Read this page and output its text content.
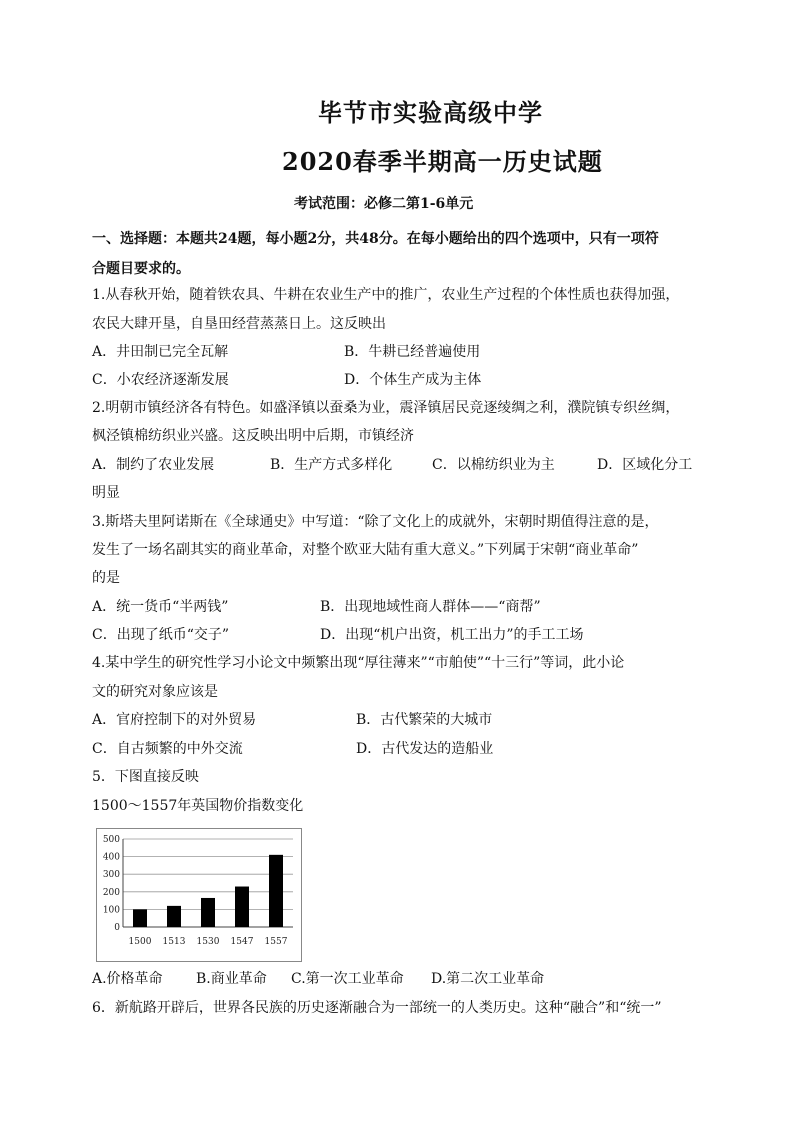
毕节市实验高级中学
2020春季半期高一历史试题
考试范围：必修二第1-6单元
一、选择题：本题共24题，每小题2分，共48分。在每小题给出的四个选项中，只有一项符
合题目要求的。
1.从春秋开始，随着铁农具、牛耕在农业生产中的推广，农业生产过程的个体性质也获得加强，
农民大肆开垦，自垦田经营蒸蒸日上。这反映出
A．井田制已完全瓦解	B．牛耕已经普遍使用
C．小农经济逐渐发展	D．个体生产成为主体
2.明朝市镇经济各有特色。如盛泽镇以蚕桑为业，震泽镇居民竞逐绫绸之利，濮院镇专织丝绸，
枫泾镇棉纺织业兴盛。这反映出明中后期，市镇经济
A．制约了农业发展	B．生产方式多样化	C．以棉纺织业为主	D．区域化分工
明显
3.斯塔夫里阿诺斯在《全球通史》中写道：“除了文化上的成就外，宋朝时期值得注意的是，
发生了一场名副其实的商业革命，对整个欧亚大陆有重大意义。”下列属于宋朝“商业革命”
的是
A．统一货币“半两钱”	B．出现地域性商人群体——“商帮”
C．出现了纸币“交子”	D．出现“机户出资，机工出力”的手工工场
4.某中学生的研究性学习小论文中频繁出现“厚往薄来”“市舶使”“十三行”等词，此小论
文的研究对象应该是
A．官府控制下的对外贸易	B．古代繁荣的大城市
C．自古频繁的中外交流	D．古代发达的造船业
5．下图直接反映
1500～1557年英国物价指数变化
0
100
200
300
400
500
1500 1513 1530 1547 1557
A.价格革命 B.商业革命 C.第一次工业革命 D.第二次工业革命
6．新航路开辟后，世界各民族的历史逐渐融合为一部统一的人类历史。这种“融合”和“统一”
